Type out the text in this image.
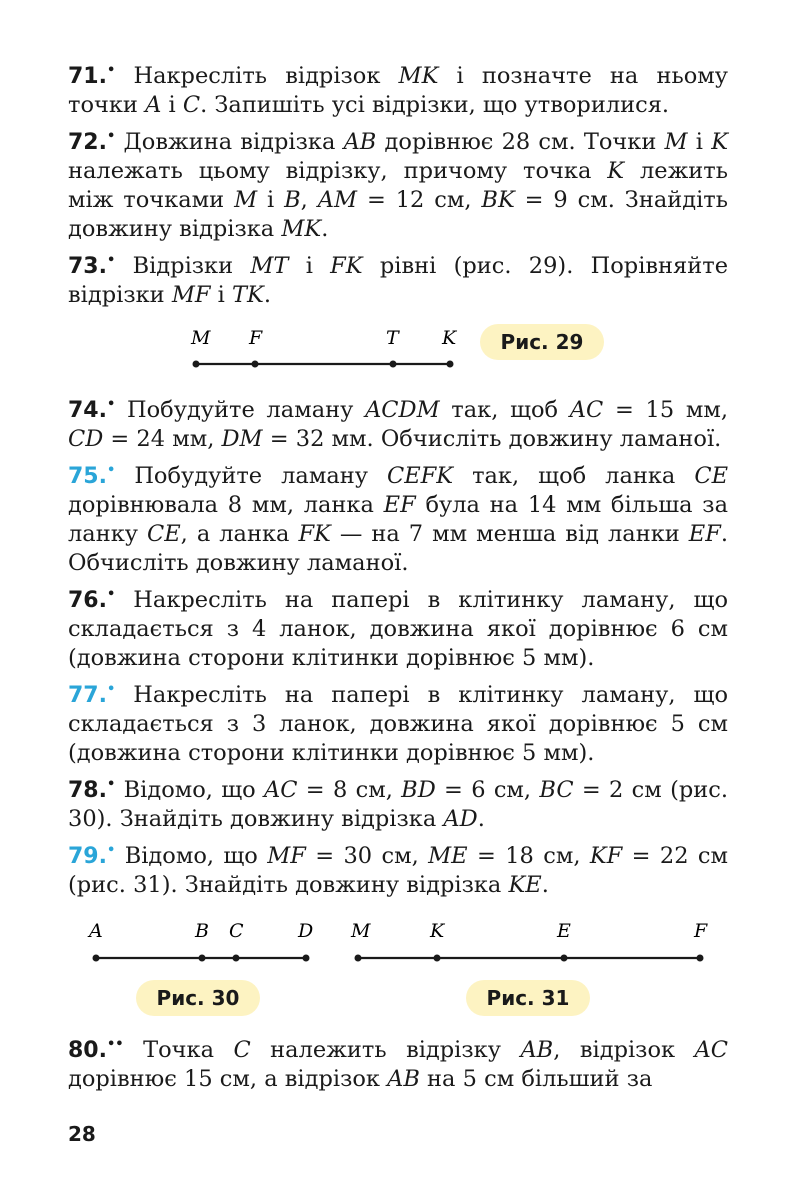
71.• Накресліть відрізок MK і позначте на ньому точки A і C. Запишіть усі відрізки, що утворилися.

72.• Довжина відрізка AB дорівнює 28 см. Точки M і K належать цьому відрізку, причому точка K лежить між точками M і B, AM = 12 см, BK = 9 см. Знайдіть довжину відрізка MK.

73.• Відрізки MT і FK рівні (рис. 29). Порівняйте відрізки MF і TK.

M F	T K	Рис. 29

74.• Побудуйте ламану ACDM так, щоб AC = 15 мм, CD = 24 мм, DM = 32 мм. Обчисліть довжину ламаної.

75.• Побудуйте ламану CEFK так, щоб ланка CE дорівнювала 8 мм, ланка EF була на 14 мм більша за ланку CE, а ланка FK — на 7 мм менша від ланки EF. Обчисліть довжину ламаної.

76.• Накресліть на папері в клітинку ламану, що складається з 4 ланок, довжина якої дорівнює 6 см (довжина сторони клітинки дорівнює 5 мм).

77.• Накресліть на папері в клітинку ламану, що складається з 3 ланок, довжина якої дорівнює 5 см (довжина сторони клітинки дорівнює 5 мм).

78.• Відомо, що AC = 8 см, BD = 6 см, BC = 2 см (рис. 30). Знайдіть довжину відрізка AD.

79.• Відомо, що MF = 30 см, ME = 18 см, KF = 22 см (рис. 31). Знайдіть довжину відрізка KE.

A	B C	D M	K	E	F
Рис. 30	Рис. 31

80.•• Точка C належить відрізку AB, відрізок AC дорівнює 15 см, а відрізок AB на 5 см більший за

28
